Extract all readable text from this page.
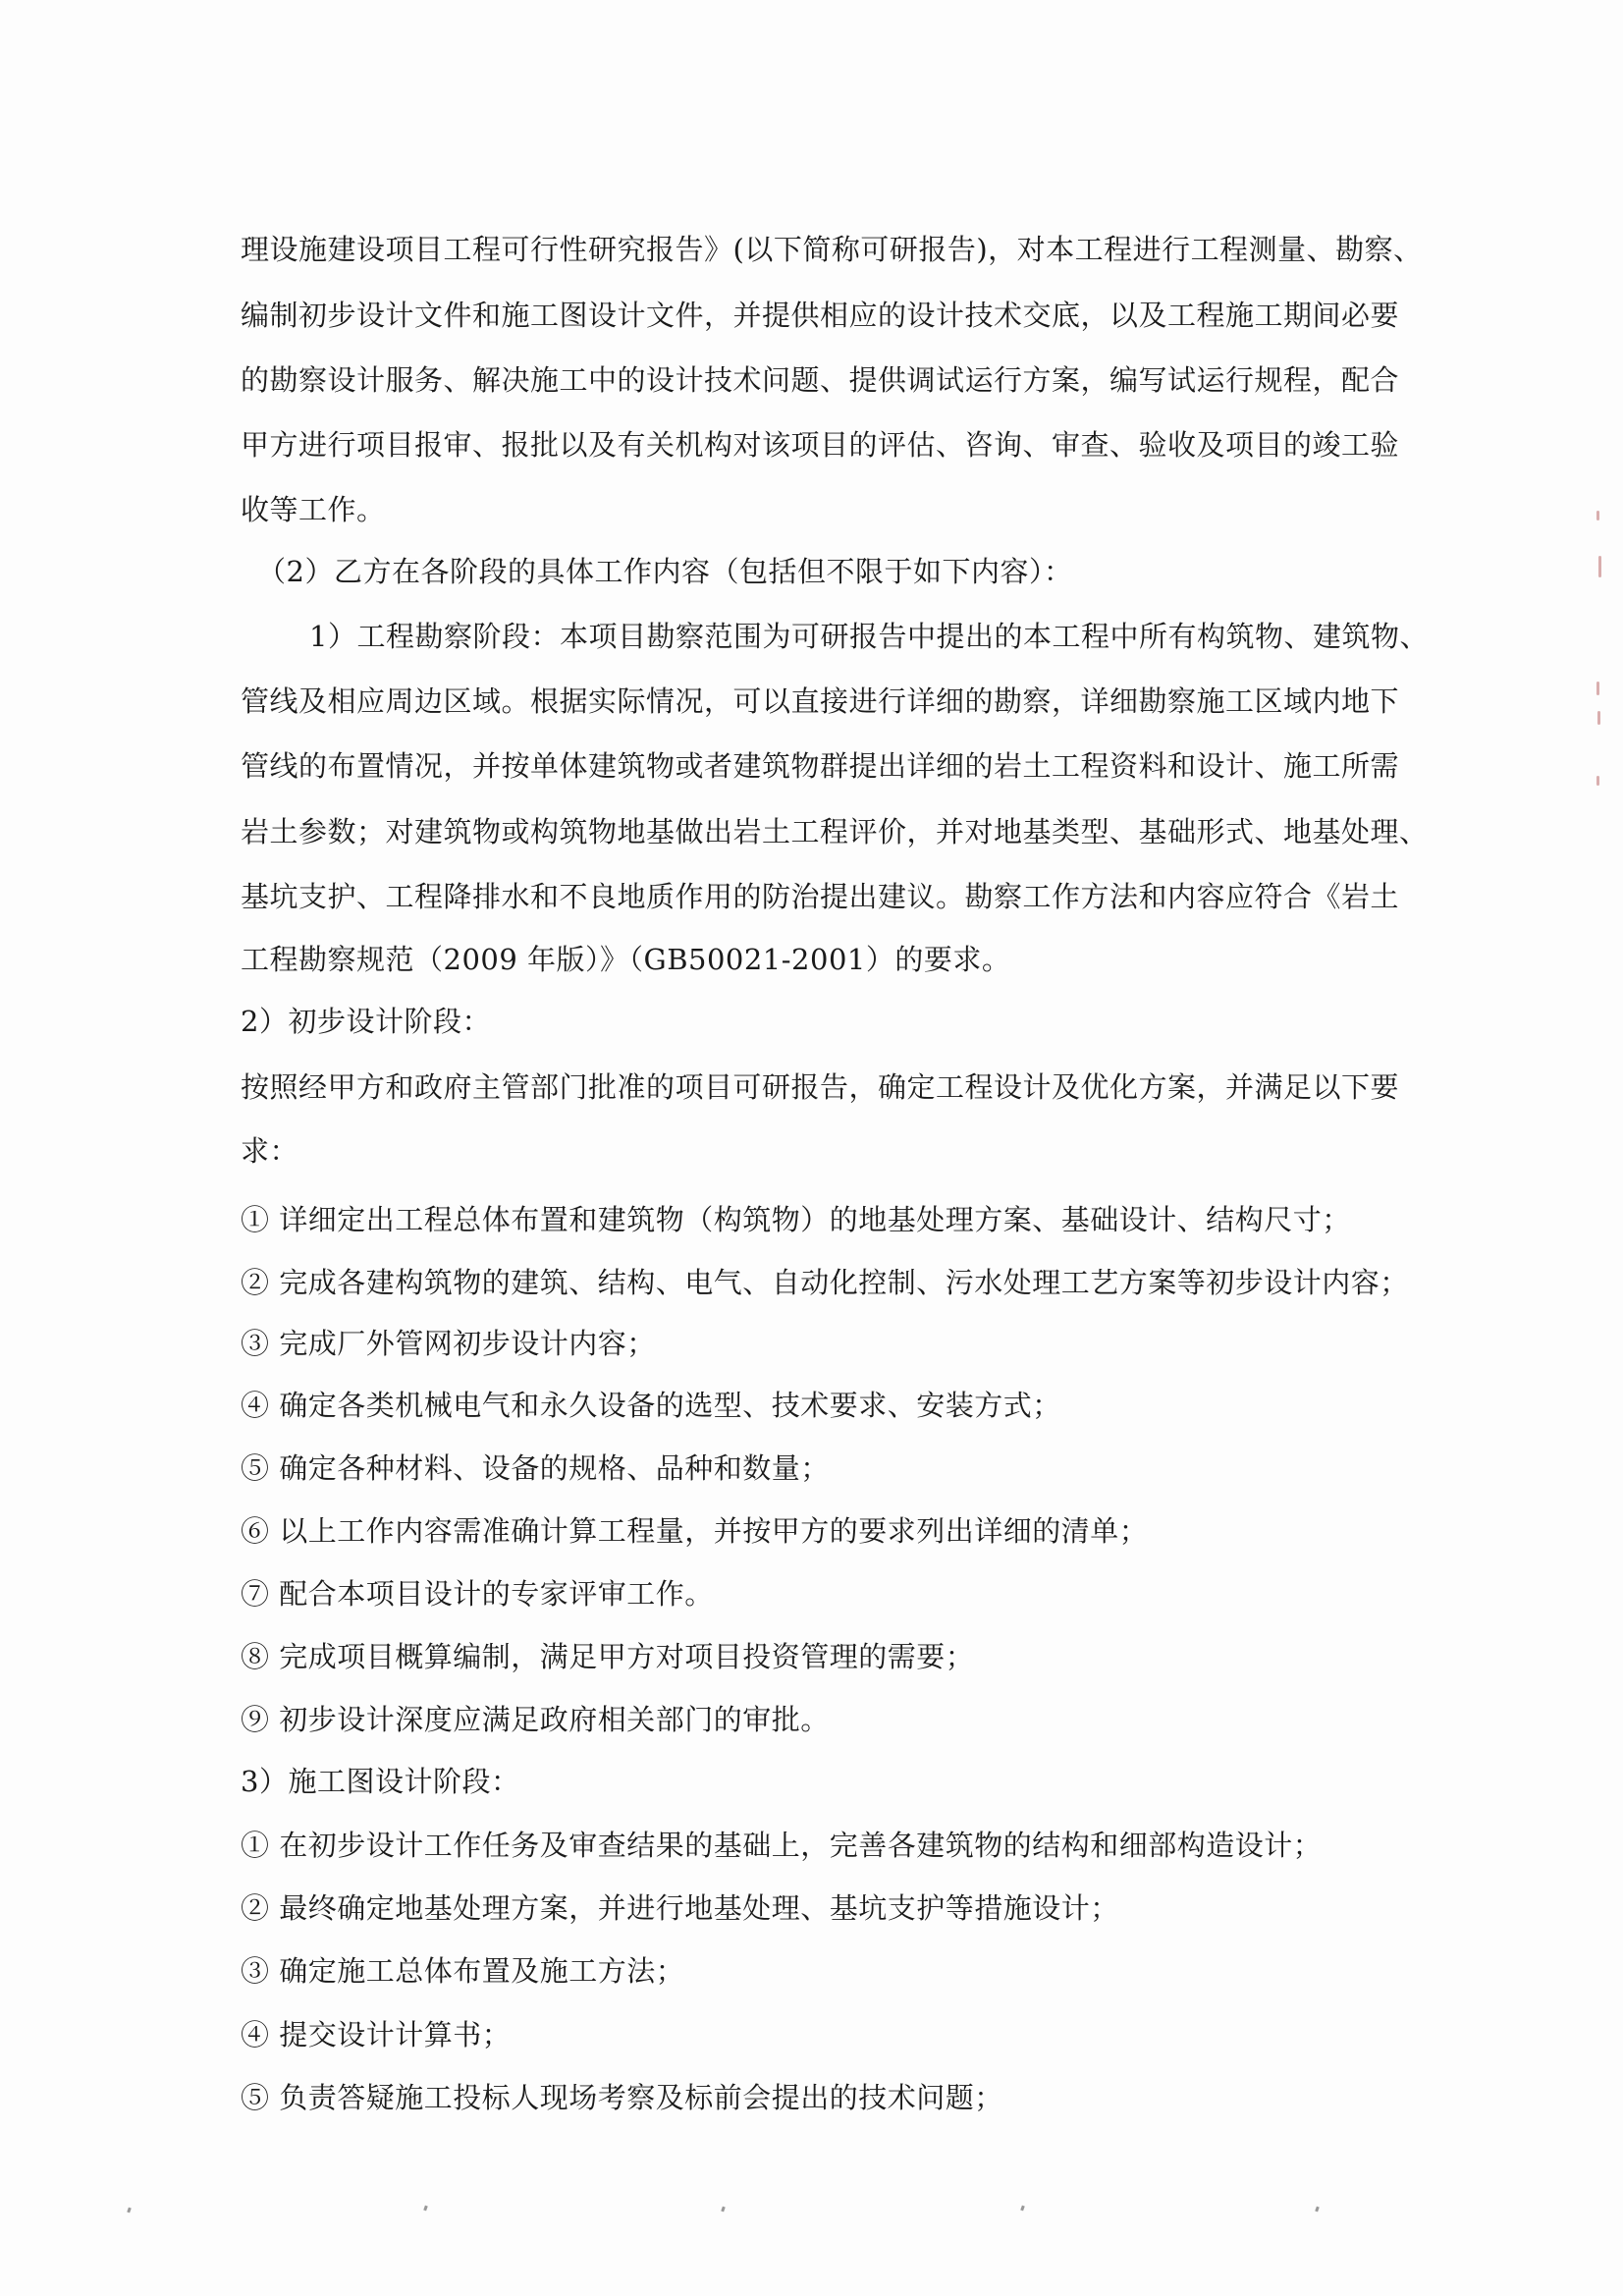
理设施建设项目工程可行性研究报告》(以下简称可研报告)，对本工程进行工程测量、勘察、
编制初步设计文件和施工图设计文件，并提供相应的设计技术交底，以及工程施工期间必要
的勘察设计服务、解决施工中的设计技术问题、提供调试运行方案，编写试运行规程，配合
甲方进行项目报审、报批以及有关机构对该项目的评估、咨询、审查、验收及项目的竣工验
收等工作。
（2）乙方在各阶段的具体工作内容（包括但不限于如下内容）：
1）工程勘察阶段：本项目勘察范围为可研报告中提出的本工程中所有构筑物、建筑物、
管线及相应周边区域。根据实际情况，可以直接进行详细的勘察，详细勘察施工区域内地下
管线的布置情况，并按单体建筑物或者建筑物群提出详细的岩土工程资料和设计、施工所需
岩土参数；对建筑物或构筑物地基做出岩土工程评价，并对地基类型、基础形式、地基处理、
基坑支护、工程降排水和不良地质作用的防治提出建议。勘察工作方法和内容应符合《岩土
工程勘察规范（2009 年版）》（GB50021-2001）的要求。
2）初步设计阶段：
按照经甲方和政府主管部门批准的项目可研报告，确定工程设计及优化方案，并满足以下要
求：
① 详细定出工程总体布置和建筑物（构筑物）的地基处理方案、基础设计、结构尺寸；
② 完成各建构筑物的建筑、结构、电气、自动化控制、污水处理工艺方案等初步设计内容；
③ 完成厂外管网初步设计内容；
④ 确定各类机械电气和永久设备的选型、技术要求、安装方式；
⑤ 确定各种材料、设备的规格、品种和数量；
⑥ 以上工作内容需准确计算工程量，并按甲方的要求列出详细的清单；
⑦ 配合本项目设计的专家评审工作。
⑧ 完成项目概算编制，满足甲方对项目投资管理的需要；
⑨ 初步设计深度应满足政府相关部门的审批。
3）施工图设计阶段：
① 在初步设计工作任务及审查结果的基础上，完善各建筑物的结构和细部构造设计；
② 最终确定地基处理方案，并进行地基处理、基坑支护等措施设计；
③ 确定施工总体布置及施工方法；
④ 提交设计计算书；
⑤ 负责答疑施工投标人现场考察及标前会提出的技术问题；
